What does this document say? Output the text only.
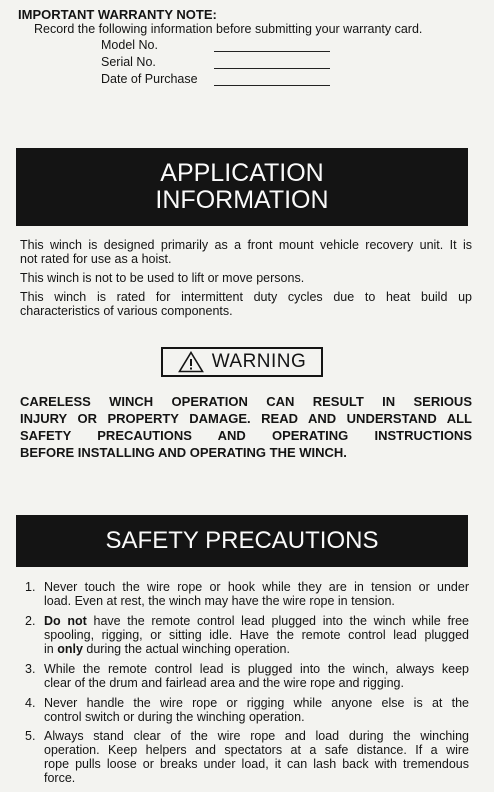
IMPORTANT WARRANTY NOTE:
Record the following information before submitting your warranty card.
Model No.
Serial No.
Date of Purchase
APPLICATION
INFORMATION
This winch is designed primarily as a front mount vehicle recovery unit. It is
not rated for use as a hoist.
This winch is not to be used to lift or move persons.
This winch is rated for intermittent duty cycles due to heat build up
characteristics of various components.
WARNING
CARELESS WINCH OPERATION CAN RESULT IN SERIOUS
INJURY OR PROPERTY DAMAGE. READ AND UNDERSTAND ALL
SAFETY PRECAUTIONS AND OPERATING INSTRUCTIONS
BEFORE INSTALLING AND OPERATING THE WINCH.
SAFETY PRECAUTIONS
1. Never touch the wire rope or hook while they are in tension or under
load. Even at rest, the winch may have the wire rope in tension.
2. Do not have the remote control lead plugged into the winch while free
spooling, rigging, or sitting idle. Have the remote control lead plugged
in only during the actual winching operation.
3. While the remote control lead is plugged into the winch, always keep
clear of the drum and fairlead area and the wire rope and rigging.
4. Never handle the wire rope or rigging while anyone else is at the
control switch or during the winching operation.
5. Always stand clear of the wire rope and load during the winching
operation. Keep helpers and spectators at a safe distance. If a wire
rope pulls loose or breaks under load, it can lash back with tremendous
force.
